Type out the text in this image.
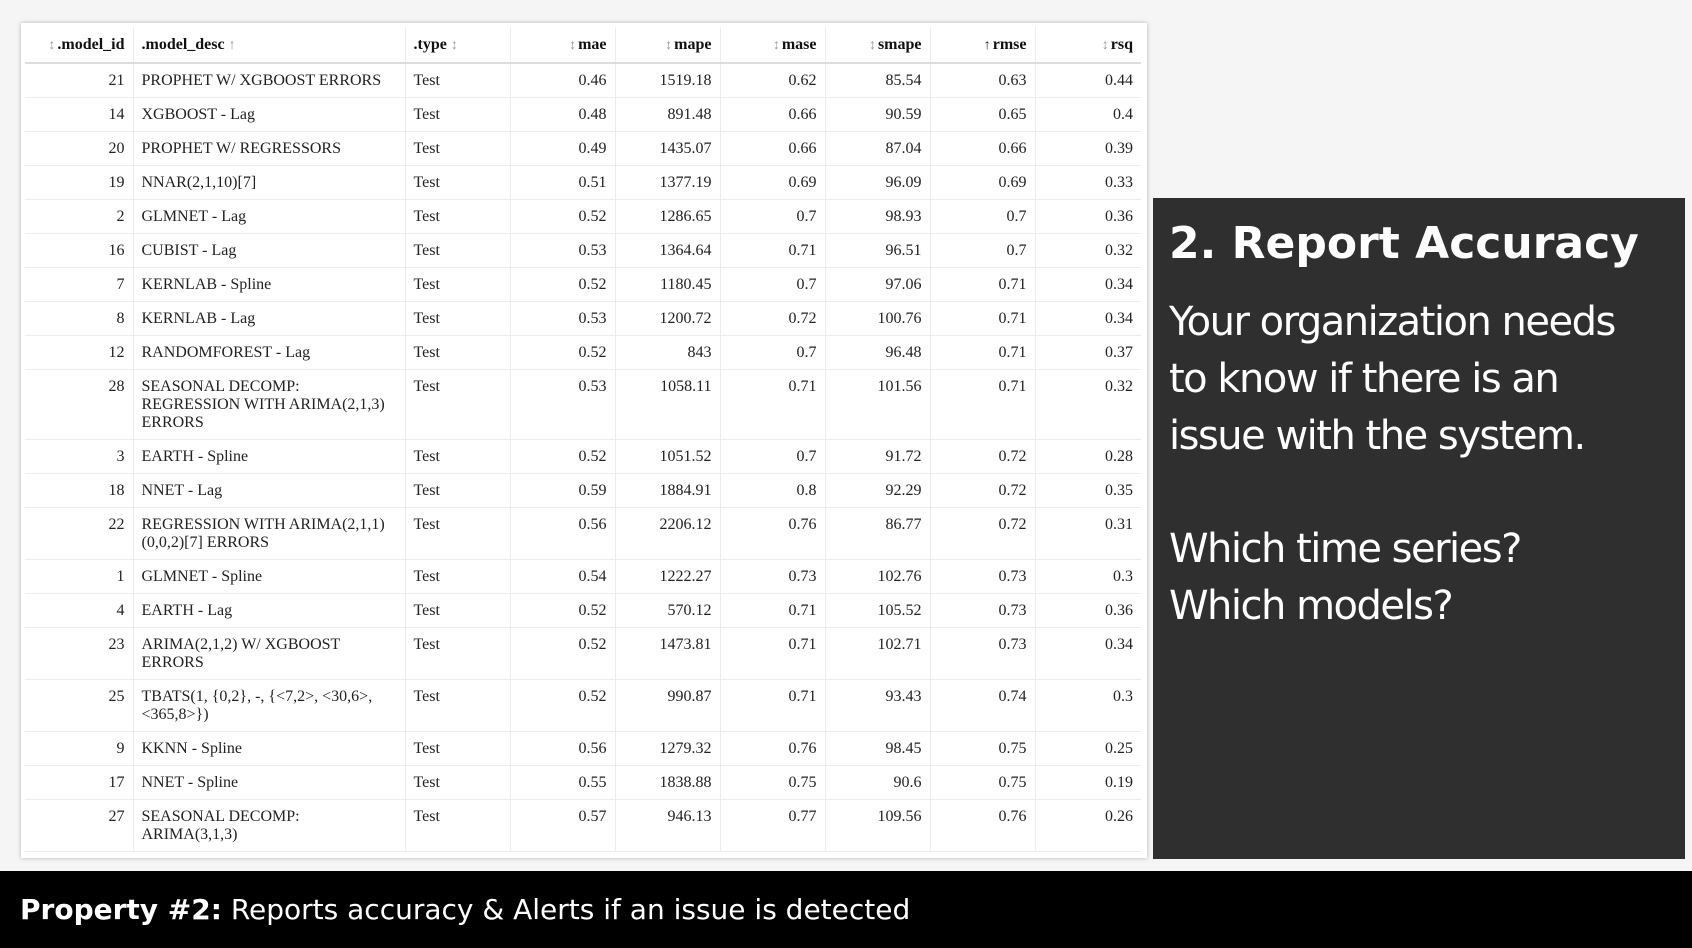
↕ .model_id	.model_desc ↑	.type ↕	↕ mae	↕ mape	↕ mase	↕ smape	↑ rmse	↕ rsq
21	PROPHET W/ XGBOOST ERRORS	Test	0.46	1519.18	0.62	85.54	0.63	0.44
14	XGBOOST - Lag	Test	0.48	891.48	0.66	90.59	0.65	0.4
20	PROPHET W/ REGRESSORS	Test	0.49	1435.07	0.66	87.04	0.66	0.39
19	NNAR(2,1,10)[7]	Test	0.51	1377.19	0.69	96.09	0.69	0.33
2	GLMNET - Lag	Test	0.52	1286.65	0.7	98.93	0.7	0.36
16	CUBIST - Lag	Test	0.53	1364.64	0.71	96.51	0.7	0.32
7	KERNLAB - Spline	Test	0.52	1180.45	0.7	97.06	0.71	0.34
8	KERNLAB - Lag	Test	0.53	1200.72	0.72	100.76	0.71	0.34
12	RANDOMFOREST - Lag	Test	0.52	843	0.7	96.48	0.71	0.37
28	SEASONAL DECOMP:
REGRESSION WITH ARIMA(2,1,3)
ERRORS	Test	0.53	1058.11	0.71	101.56	0.71	0.32
3	EARTH - Spline	Test	0.52	1051.52	0.7	91.72	0.72	0.28
18	NNET - Lag	Test	0.59	1884.91	0.8	92.29	0.72	0.35
22	REGRESSION WITH ARIMA(2,1,1)
(0,0,2)[7] ERRORS	Test	0.56	2206.12	0.76	86.77	0.72	0.31
1	GLMNET - Spline	Test	0.54	1222.27	0.73	102.76	0.73	0.3
4	EARTH - Lag	Test	0.52	570.12	0.71	105.52	0.73	0.36
23	ARIMA(2,1,2) W/ XGBOOST
ERRORS	Test	0.52	1473.81	0.71	102.71	0.73	0.34
25	TBATS(1, {0,2}, -, {<7,2>, <30,6>,
<365,8>})	Test	0.52	990.87	0.71	93.43	0.74	0.3
9	KKNN - Spline	Test	0.56	1279.32	0.76	98.45	0.75	0.25
17	NNET - Spline	Test	0.55	1838.88	0.75	90.6	0.75	0.19
27	SEASONAL DECOMP:
ARIMA(3,1,3)	Test	0.57	946.13	0.77	109.56	0.76	0.26
2. Report Accuracy
Your organization needs
to know if there is an
issue with the system.
Which time series?
Which models?
Property #2: Reports accuracy & Alerts if an issue is detected
